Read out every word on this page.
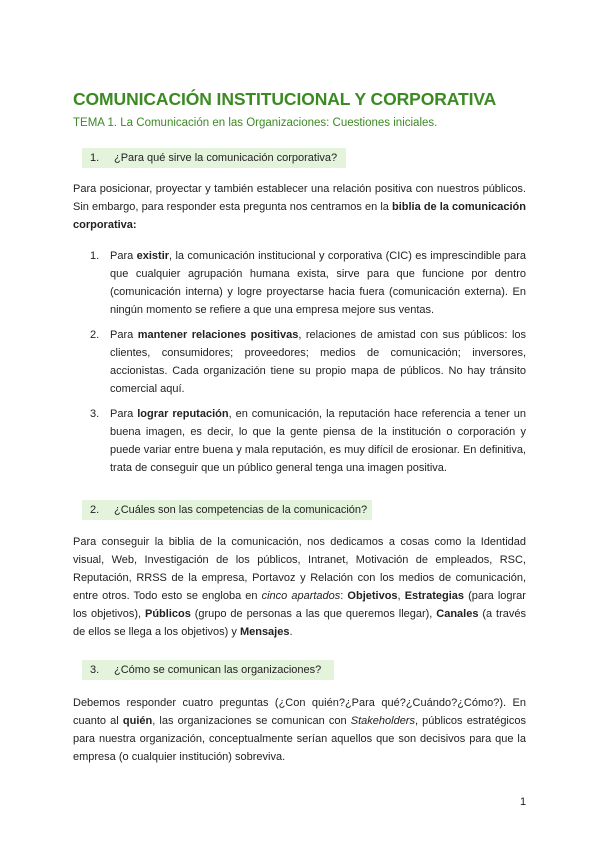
COMUNICACIÓN INSTITUCIONAL Y CORPORATIVA
TEMA 1. La Comunicación en las Organizaciones: Cuestiones iniciales.
1. ¿Para qué sirve la comunicación corporativa?
Para posicionar, proyectar y también establecer una relación positiva con nuestros públicos. Sin embargo, para responder esta pregunta nos centramos en la biblia de la comunicación corporativa:
1. Para existir, la comunicación institucional y corporativa (CIC) es imprescindible para que cualquier agrupación humana exista, sirve para que funcione por dentro (comunicación interna) y logre proyectarse hacia fuera (comunicación externa). En ningún momento se refiere a que una empresa mejore sus ventas.
2. Para mantener relaciones positivas, relaciones de amistad con sus públicos: los clientes, consumidores; proveedores; medios de comunicación; inversores, accionistas. Cada organización tiene su propio mapa de públicos. No hay tránsito comercial aquí.
3. Para lograr reputación, en comunicación, la reputación hace referencia a tener un buena imagen, es decir, lo que la gente piensa de la institución o corporación y puede variar entre buena y mala reputación, es muy difícil de erosionar. En definitiva, trata de conseguir que un público general tenga una imagen positiva.
2. ¿Cuáles son las competencias de la comunicación?
Para conseguir la biblia de la comunicación, nos dedicamos a cosas como la Identidad visual, Web, Investigación de los públicos, Intranet, Motivación de empleados, RSC, Reputación, RRSS de la empresa, Portavoz y Relación con los medios de comunicación, entre otros. Todo esto se engloba en cinco apartados: Objetivos, Estrategias (para lograr los objetivos), Públicos (grupo de personas a las que queremos llegar), Canales (a través de ellos se llega a los objetivos) y Mensajes.
3. ¿Cómo se comunican las organizaciones?
Debemos responder cuatro preguntas (¿Con quién?¿Para qué?¿Cuándo?¿Cómo?). En cuanto al quién, las organizaciones se comunican con Stakeholders, públicos estratégicos para nuestra organización, conceptualmente serían aquellos que son decisivos para que la empresa (o cualquier institución) sobreviva.
1
